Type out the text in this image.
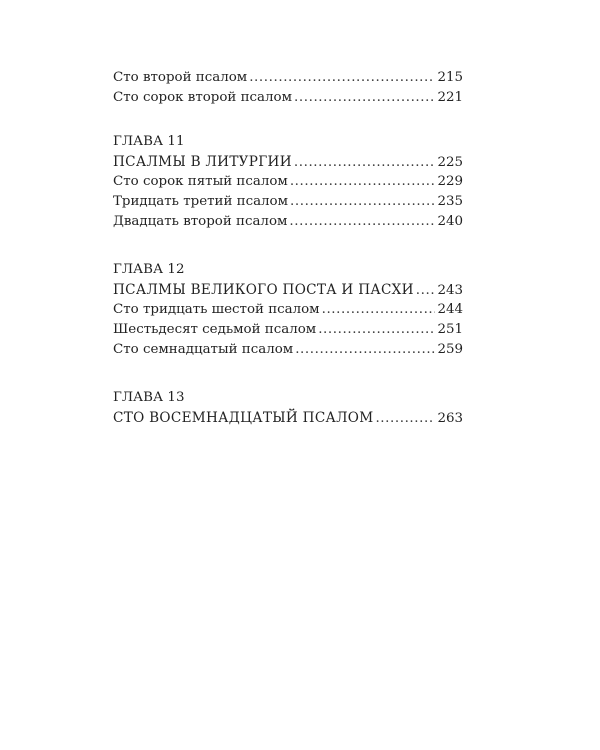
Сто второй псалом .....	215
Сто сорок второй псалом .....	221
ГЛАВА 11
ПСАЛМЫ В ЛИТУРГИИ .....	225
Сто сорок пятый псалом .....	229
Тридцать третий псалом .....	235
Двадцать второй псалом .....	240
ГЛАВА 12
ПСАЛМЫ ВЕЛИКОГО ПОСТА И ПАСХИ ..... 243
Сто тридцать шестой псалом .....	244
Шестьдесят седьмой псалом .....	251
Сто семнадцатый псалом .....	259
ГЛАВА 13
СТО ВОСЕМНАДЦАТЫЙ ПСАЛОМ .....	263
